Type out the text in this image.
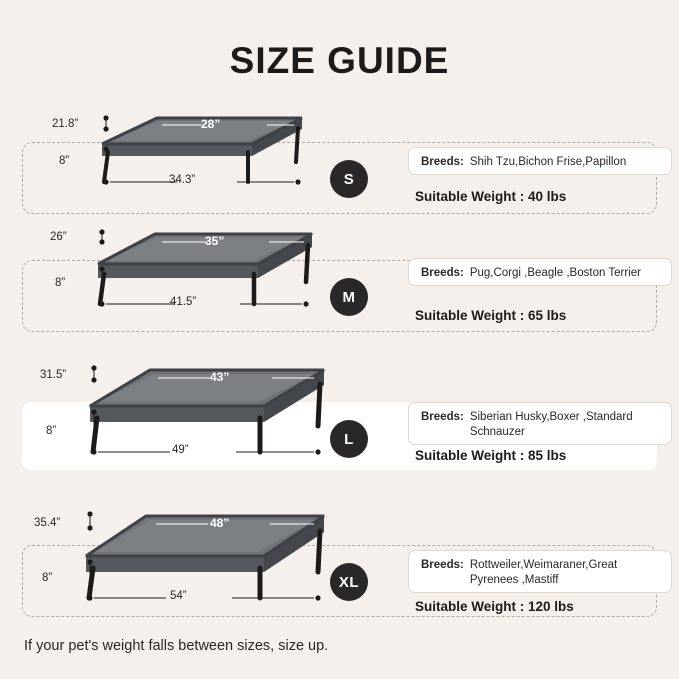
SIZE GUIDE
S
Breeds: Shih Tzu,Bichon Frise,Papillon
Suitable Weight : 40 lbs
21.8”
8”
34.3”
28”
M
Breeds: Pug,Corgi ,Beagle ,Boston Terrier
Suitable Weight : 65 lbs
26”
8”
41.5”
35”
L
Breeds: Siberian Husky,Boxer ,Standard Schnauzer
Suitable Weight : 85 lbs
31.5”
8”
49”
43”
XL
Breeds: Rottweiler,Weimaraner,Great Pyrenees ,Mastiff
Suitable Weight : 120 lbs
35.4”
8”
54”
48”
If your pet's weight falls between sizes, size up.
